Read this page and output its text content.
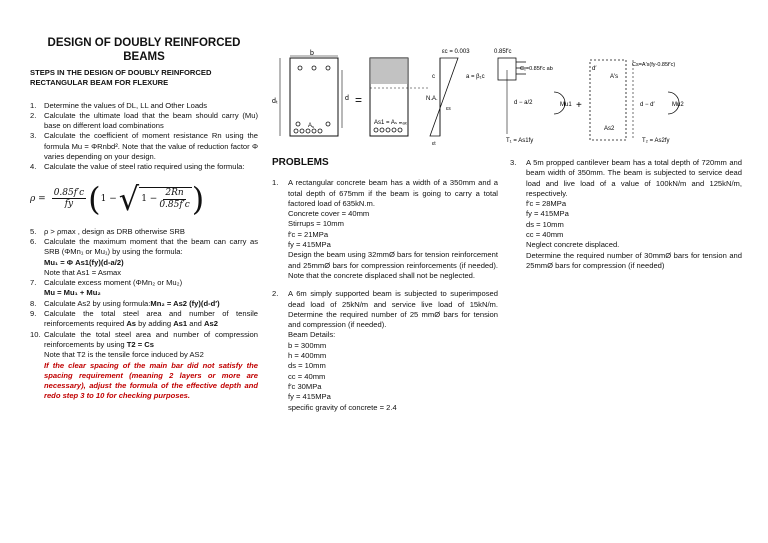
DESIGN OF DOUBLY REINFORCED BEAMS
STEPS IN THE DESIGN OF DOUBLY REINFORCED RECTANGULAR BEAM FOR FLEXURE
1.	Determine the values of DL, LL and Other Loads
2.	Calculate the ultimate load that the beam should carry (Mu) base on different load combinations
3.	Calculate the coefficient of moment resistance Rn using the formula Mu = ΦRnbd². Note that the value of reduction factor Φ varies depending on your design.
4.	Calculate the value of steel ratio required using the formula:
$\rho = \frac{0.85f'c}{fy}$ ( 1 − √ $1 - \frac{2Rn}{0.85f'c}$ )
5.	ρ > ρmax , design as DRB otherwise SRB
6.	Calculate the maximum moment that the beam can carry as SRB (ΦMn₁ or Mu₁) by using the formula:
Mu₁ = Φ As1(fy)(d-a/2)
Note that As1 = Asmax
7.	Calculate excess moment (ΦMn₂ or Mu₂)
Mu = Mu₁ + Mu₂
8.	Calculate As2 by using formula:Mn₂ = As2 (fy)(d-d′)
9.	Calculate the total steel area and number of tensile reinforcements required As by adding As1 and As2
10. Calculate the total steel area and number of compression reinforcements by using T2 = Cs
Note that T2 is the tensile force induced by AS2
If the clear spacing of the main bar did not satisfy the spacing requirement (meaning 2 layers or more are necessary), adjust the formula of the effective depth and redo step 3 to 10 for checking purposes.
b
As
dₜ	d =	N.A.
As1 = Aₛ ₘₐₓ
εc = 0.003
c
εs
εt
0.85f′c
a = β₁c
C꜀=0.85f′c ab
d − a/2	Mu1 +
T₁ = As1fy
d′
A′s
As2
Cs=A′s(fy-0.85f′c)
d − d′	Mu2
T₂ = As2fy
PROBLEMS
1.	A rectangular concrete beam has a width of a 350mm and a total depth of 675mm if the beam is going to carry a total factored load of 635kN.m.
Concrete cover = 40mm
Stirrups = 10mm
f′c = 21MPa
fy = 415MPa
Design the beam using 32mmØ bars for tension reinforcement and 25mmØ bars for compression reinforcements (if needed). Note that the concrete displaced shall not be neglected.
2.	A 6m simply supported beam is subjected to superimposed dead load of 25kN/m and service live load of 15kN/m. Determine the required number of 25 mmØ bars for tension and compression (if needed).
Beam Details:
b = 300mm
h = 400mm
ds = 10mm
cc = 40mm
f′c 30MPa
fy = 415MPa
specific gravity of concrete = 2.4
3.	A 5m propped cantilever beam has a total depth of 720mm and beam width of 350mm. The beam is subjected to service dead load and live load of a value of 100kN/m and 125kN/m, respectively.
f′c = 28MPa
fy = 415MPa
ds = 10mm
cc = 40mm
Neglect concrete displaced.
Determine the required number of 30mmØ bars for tension and 25mmØ bars for compression (if needed)
